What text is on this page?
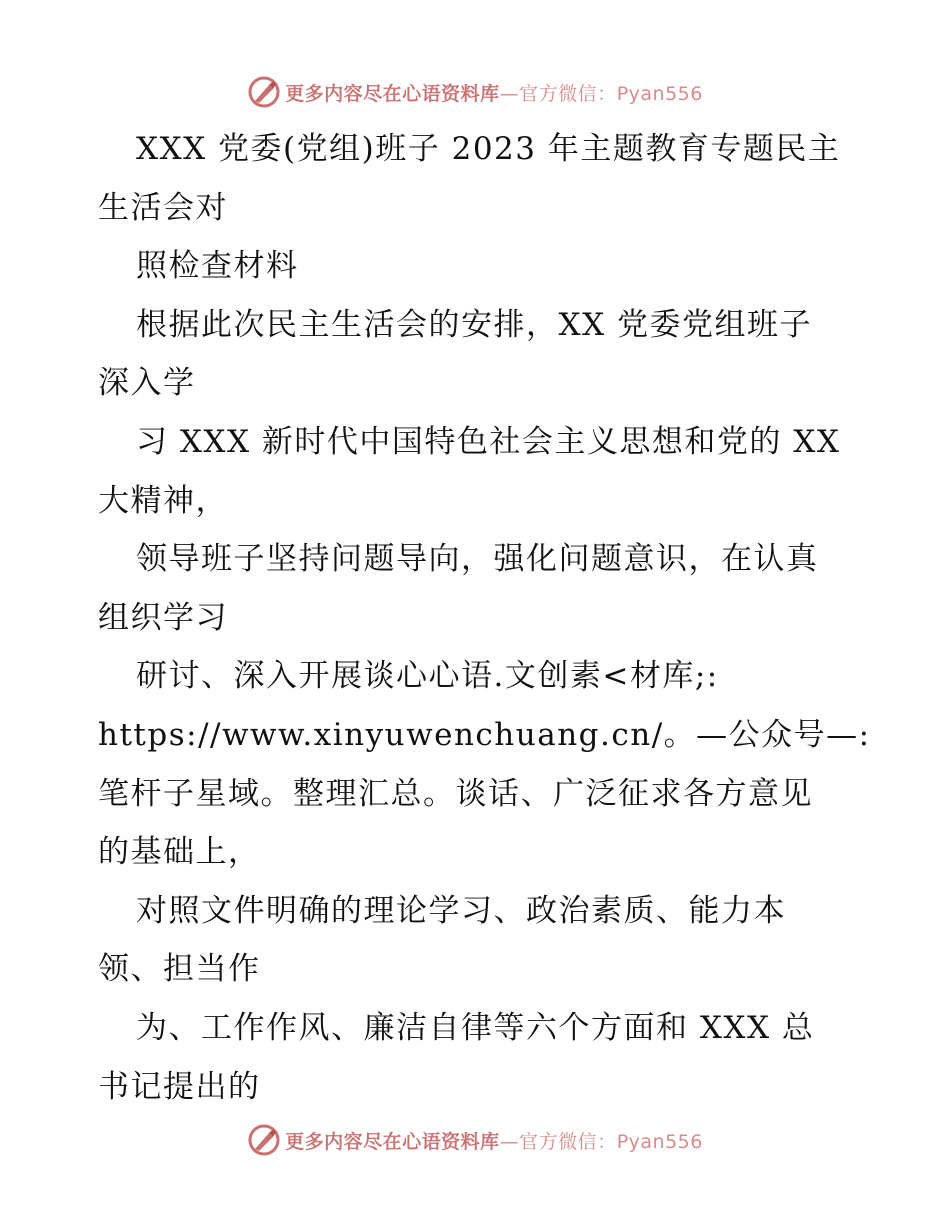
更多内容尽在心语资料库—官方微信：Pyan556
XXX 党委(党组)班子 2023 年主题教育专题民主
生活会对
照检查材料
根据此次民主生活会的安排，XX 党委党组班子
深入学
习 XXX 新时代中国特色社会主义思想和党的 XX
大精神，
领导班子坚持问题导向，强化问题意识，在认真
组织学习
研讨、深入开展谈心心语.文创素<材库;:
https://www.xinyuwenchuang.cn/。—公众号—:
笔杆子星域。整理汇总。谈话、广泛征求各方意见
的基础上，
对照文件明确的理论学习、政治素质、能力本
领、担当作
为、工作作风、廉洁自律等六个方面和 XXX 总
书记提出的
更多内容尽在心语资料库—官方微信：Pyan556
